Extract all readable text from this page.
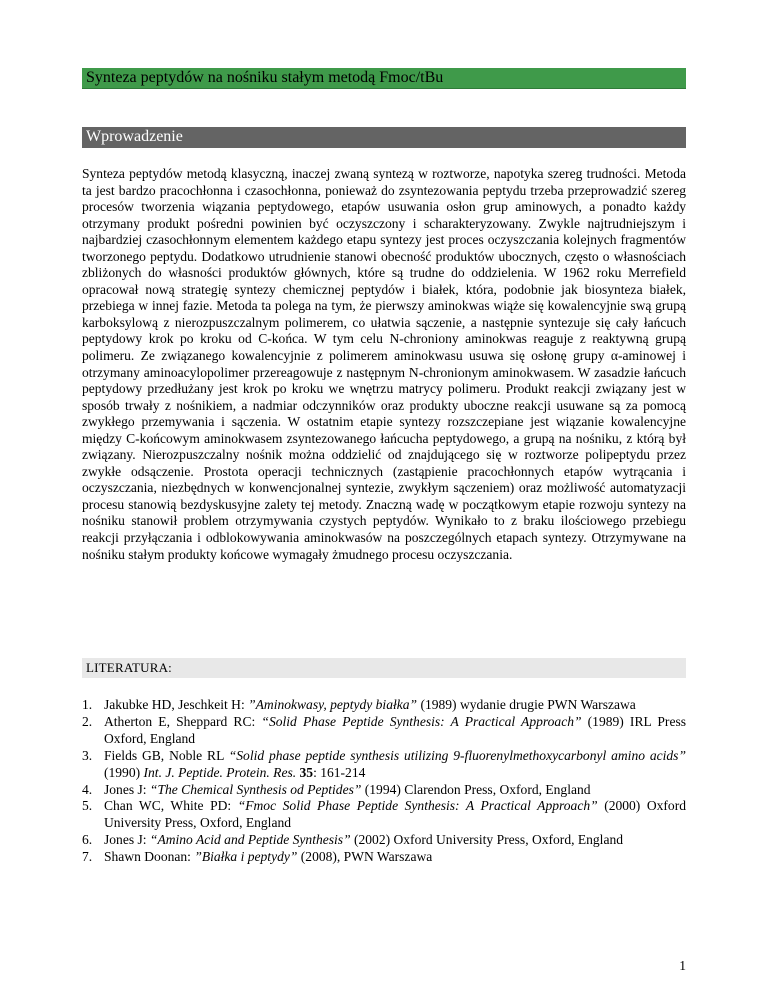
Synteza peptydów na nośniku stałym metodą Fmoc/tBu
Wprowadzenie

Synteza peptydów metodą klasyczną, inaczej zwaną syntezą w roztworze, napotyka szereg trudności. Metoda ta jest bardzo pracochłonna i czasochłonna, ponieważ do zsyntezowania peptydu trzeba przeprowadzić szereg procesów tworzenia wiązania peptydowego, etapów usuwania osłon grup aminowych, a ponadto każdy otrzymany produkt pośredni powinien być oczyszczony i scharakteryzowany. Zwykle najtrudniejszym i najbardziej czasochłonnym elementem każdego etapu syntezy jest proces oczyszczania kolejnych fragmentów tworzonego peptydu. Dodatkowo utrudnienie stanowi obecność produktów ubocznych, często o własnościach zbliżonych do własności produktów głównych, które są trudne do oddzielenia. W 1962 roku Merrefield opracował nową strategię syntezy chemicznej peptydów i białek, która, podobnie jak biosynteza białek, przebiega w innej fazie. Metoda ta polega na tym, że pierwszy aminokwas wiąże się kowalencyjnie swą grupą karboksylową z nierozpuszczalnym polimerem, co ułatwia sączenie, a następnie syntezuje się cały łańcuch peptydowy krok po kroku od C-końca. W tym celu N-chroniony aminokwas reaguje z reaktywną grupą polimeru. Ze związanego kowalencyjnie z polimerem aminokwasu usuwa się osłonę grupy α-aminowej i otrzymany aminoacylopolimer przereagowuje z następnym N-chronionym aminokwasem. W zasadzie łańcuch peptydowy przedłużany jest krok po kroku we wnętrzu matrycy polimeru. Produkt reakcji związany jest w sposób trwały z nośnikiem, a nadmiar odczynników oraz produkty uboczne reakcji usuwane są za pomocą zwykłego przemywania i sączenia. W ostatnim etapie syntezy rozszczepiane jest wiązanie kowalencyjne między C-końcowym aminokwasem zsyntezowanego łańcucha peptydowego, a grupą na nośniku, z którą był związany. Nierozpuszczalny nośnik można oddzielić od znajdującego się w roztworze polipeptydu przez zwykłe odsączenie. Prostota operacji technicznych (zastąpienie pracochłonnych etapów wytrącania i oczyszczania, niezbędnych w konwencjonalnej syntezie, zwykłym sączeniem) oraz możliwość automatyzacji procesu stanowią bezdyskusyjne zalety tej metody. Znaczną wadę w początkowym etapie rozwoju syntezy na nośniku stanowił problem otrzymywania czystych peptydów. Wynikało to z braku ilościowego przebiegu reakcji przyłączania i odblokowywania aminokwasów na poszczególnych etapach syntezy. Otrzymywane na nośniku stałym produkty końcowe wymagały żmudnego procesu oczyszczania.

LITERATURA:
1. Jakubke HD, Jeschkeit H: ”Aminokwasy, peptydy białka” (1989) wydanie drugie PWN Warszawa
2. Atherton E, Sheppard RC: “Solid Phase Peptide Synthesis: A Practical Approach” (1989) IRL Press Oxford, England
3. Fields GB, Noble RL “Solid phase peptide synthesis utilizing 9-fluorenylmethoxycarbonyl amino acids” (1990) Int. J. Peptide. Protein. Res. 35: 161-214
4. Jones J: “The Chemical Synthesis od Peptides” (1994) Clarendon Press, Oxford, England
5. Chan WC, White PD: “Fmoc Solid Phase Peptide Synthesis: A Practical Approach” (2000) Oxford University Press, Oxford, England
6. Jones J: “Amino Acid and Peptide Synthesis” (2002) Oxford University Press, Oxford, England
7. Shawn Doonan: ”Białka i peptydy” (2008), PWN Warszawa
1
